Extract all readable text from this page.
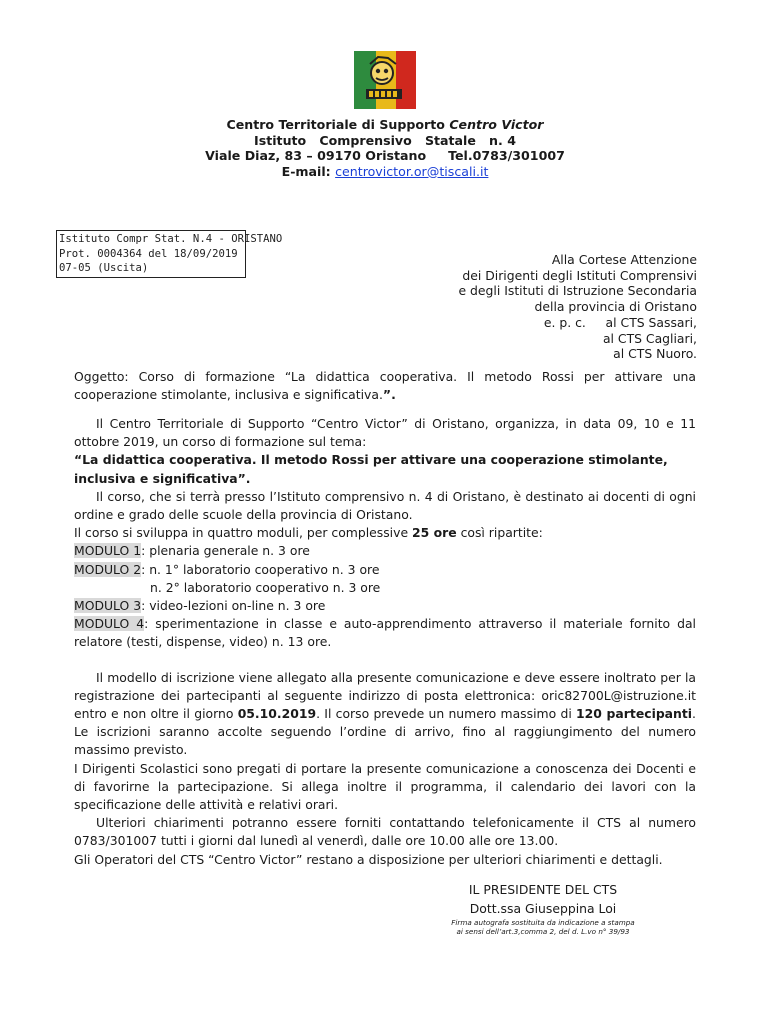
Centro Territoriale di Supporto Centro Victor
Istituto   Comprensivo   Statale   n. 4
Viale Diaz, 83 – 09170 Oristano     Tel.0783/301007
E-mail: centrovictor.or@tiscali.it
Istituto Compr Stat. N.4 - ORISTANO
Prot. 0004364 del 18/09/2019
07-05 (Uscita)
Alla Cortese Attenzione
dei Dirigenti degli Istituti Comprensivi
e degli Istituti di Istruzione Secondaria
della provincia di Oristano
e. p. c.     al CTS Sassari,
al CTS Cagliari,
al CTS Nuoro.

Oggetto: Corso di formazione “La didattica cooperativa. Il metodo Rossi per attivare una cooperazione stimolante, inclusiva e significativa.”.

Il Centro Territoriale di Supporto “Centro Victor” di Oristano, organizza, in data 09, 10 e 11 ottobre 2019, un corso di formazione sul tema:

“La didattica cooperativa. Il metodo Rossi per attivare una cooperazione stimolante, inclusiva e significativa”.

Il corso, che si terrà presso l’Istituto comprensivo n. 4 di Oristano, è destinato ai docenti di ogni ordine e grado delle scuole della provincia di Oristano.

Il corso si sviluppa in quattro moduli, per complessive 25 ore così ripartite:

MODULO 1: plenaria generale n. 3 ore

MODULO 2: n. 1° laboratorio cooperativo n. 3 ore

n. 2° laboratorio cooperativo n. 3 ore

MODULO 3: video-lezioni on-line n. 3 ore

MODULO 4: sperimentazione in classe e auto-apprendimento attraverso il materiale fornito dal relatore (testi, dispense, video) n. 13 ore.

Il modello di iscrizione viene allegato alla presente comunicazione e deve essere inoltrato per la registrazione dei partecipanti al seguente indirizzo di posta elettronica: oric82700L@istruzione.it entro e non oltre il giorno 05.10.2019. Il corso prevede un numero massimo di 120 partecipanti. Le iscrizioni saranno accolte seguendo l’ordine di arrivo, fino al raggiungimento del numero massimo previsto.

I Dirigenti Scolastici sono pregati di portare la presente comunicazione a conoscenza dei Docenti e di favorirne la partecipazione. Si allega inoltre il programma, il calendario dei lavori con la specificazione delle attività e relativi orari.

Ulteriori chiarimenti potranno essere forniti contattando telefonicamente il CTS al numero 0783/301007 tutti i giorni dal lunedì al venerdì, dalle ore 10.00 alle ore 13.00.

Gli Operatori del CTS “Centro Victor” restano a disposizione per ulteriori chiarimenti e dettagli.

IL PRESIDENTE DEL CTS
Dott.ssa Giuseppina Loi
Firma autografa sostituita da indicazione a stampa
ai sensi dell’art.3,comma 2, del d. L.vo n° 39/93
